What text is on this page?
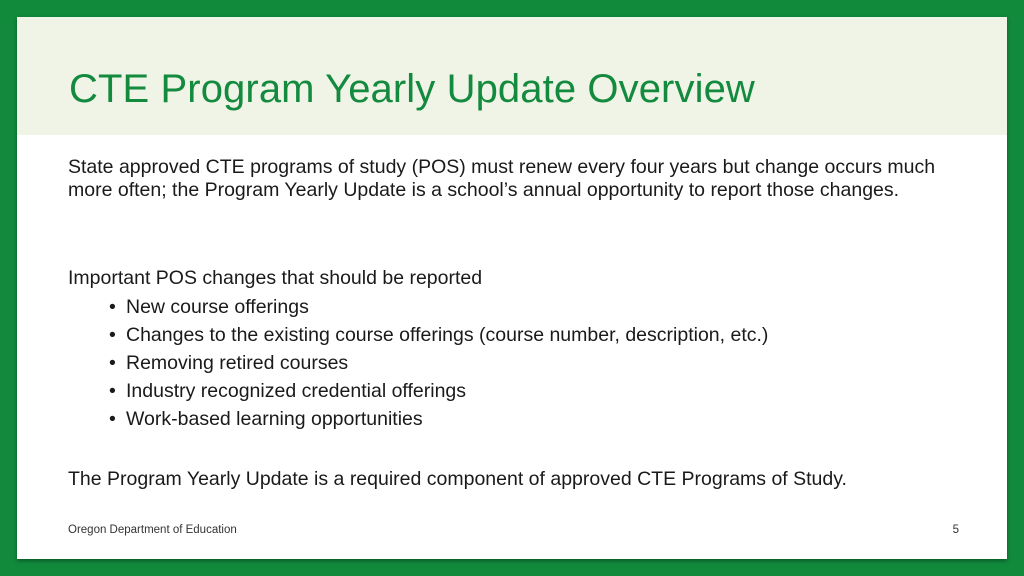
CTE Program Yearly Update Overview

State approved CTE programs of study (POS) must renew every four years but change occurs much more often; the Program Yearly Update is a school’s annual opportunity to report those changes.

Important POS changes that should be reported

• New course offerings
• Changes to the existing course offerings (course number, description, etc.)
• Removing retired courses
• Industry recognized credential offerings
• Work-based learning opportunities

The Program Yearly Update is a required component of approved CTE Programs of Study.

Oregon Department of Education	5
